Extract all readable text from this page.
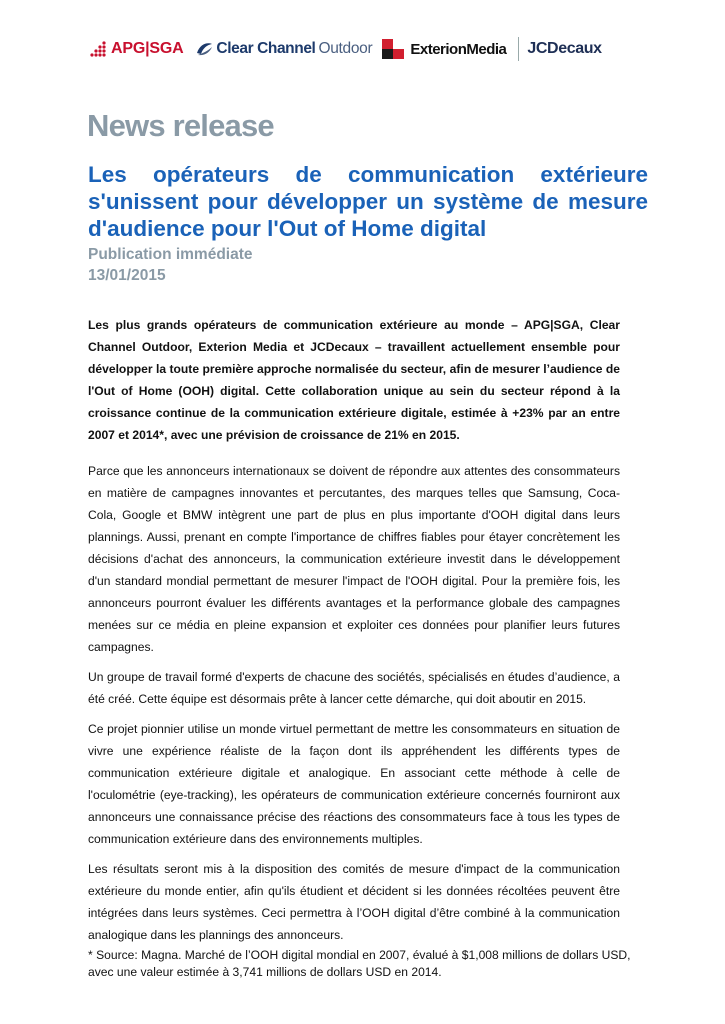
APG|SGA Clear Channel Outdoor	ExterionMedia JCDecaux
News release
Les opérateurs de communication extérieure s'unissent pour développer un système de mesure d'audience pour l'Out of Home digital
Publication immédiate
13/01/2015

Les plus grands opérateurs de communication extérieure au monde – APG|SGA, Clear Channel Outdoor, Exterion Media et JCDecaux – travaillent actuellement ensemble pour développer la toute première approche normalisée du secteur, afin de mesurer l’audience de l'Out of Home (OOH) digital. Cette collaboration unique au sein du secteur répond à la croissance continue de la communication extérieure digitale, estimée à +23% par an entre 2007 et 2014*, avec une prévision de croissance de 21% en 2015.

Parce que les annonceurs internationaux se doivent de répondre aux attentes des consommateurs en matière de campagnes innovantes et percutantes, des marques telles que Samsung, Coca-Cola, Google et BMW intègrent une part de plus en plus importante d'OOH digital dans leurs plannings. Aussi, prenant en compte l'importance de chiffres fiables pour étayer concrètement les décisions d'achat des annonceurs, la communication extérieure investit dans le développement d'un standard mondial permettant de mesurer l'impact de l'OOH digital. Pour la première fois, les annonceurs pourront évaluer les différents avantages et la performance globale des campagnes menées sur ce média en pleine expansion et exploiter ces données pour planifier leurs futures campagnes.

Un groupe de travail formé d'experts de chacune des sociétés, spécialisés en études d’audience, a été créé. Cette équipe est désormais prête à lancer cette démarche, qui doit aboutir en 2015.

Ce projet pionnier utilise un monde virtuel permettant de mettre les consommateurs en situation de vivre une expérience réaliste de la façon dont ils appréhendent les différents types de communication extérieure digitale et analogique. En associant cette méthode à celle de l'oculométrie (eye-tracking), les opérateurs de communication extérieure concernés fourniront aux annonceurs une connaissance précise des réactions des consommateurs face à tous les types de communication extérieure dans des environnements multiples.

Les résultats seront mis à la disposition des comités de mesure d'impact de la communication extérieure du monde entier, afin qu'ils étudient et décident si les données récoltées peuvent être intégrées dans leurs systèmes. Ceci permettra à l’OOH digital d’être combiné à la communication analogique dans les plannings des annonceurs.

* Source: Magna. Marché de l’OOH digital mondial en 2007, évalué à $1,008 millions de dollars USD, avec une valeur estimée à 3,741 millions de dollars USD en 2014.
